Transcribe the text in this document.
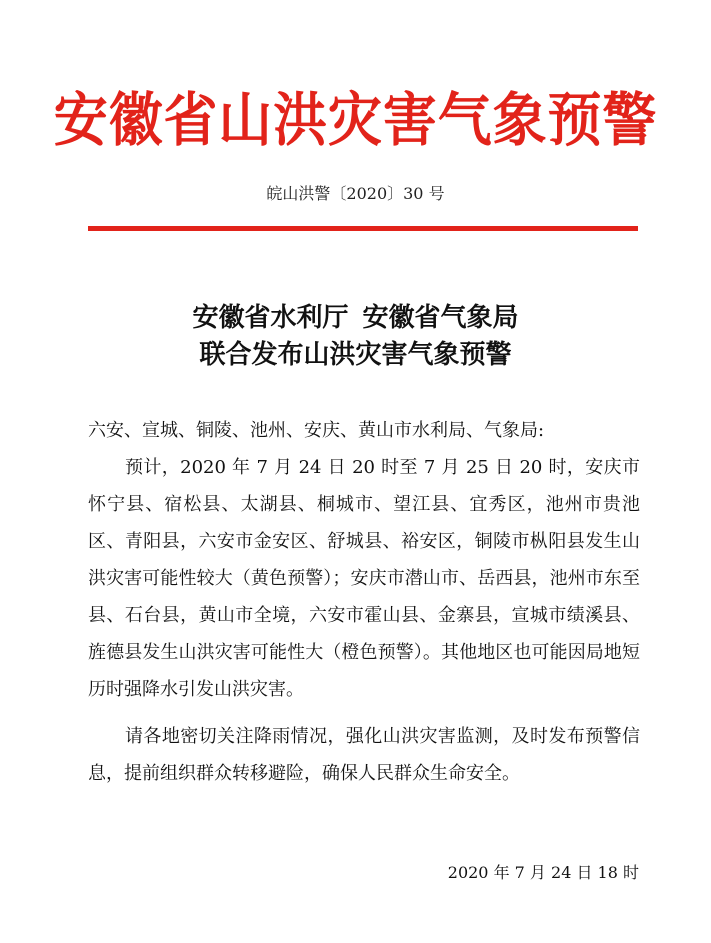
安徽省山洪灾害气象预警
皖山洪警〔2020〕30 号
安徽省水利厅 安徽省气象局
联合发布山洪灾害气象预警
六安、宣城、铜陵、池州、安庆、黄山市水利局、气象局:
预计，2020 年 7 月 24 日 20 时至 7 月 25 日 20 时，安庆市怀宁县、宿松县、太湖县、桐城市、望江县、宜秀区，池州市贵池区、青阳县，六安市金安区、舒城县、裕安区，铜陵市枞阳县发生山洪灾害可能性较大（黄色预警）；安庆市潜山市、岳西县，池州市东至县、石台县，黄山市全境，六安市霍山县、金寨县，宣城市绩溪县、旌德县发生山洪灾害可能性大（橙色预警）。其他地区也可能因局地短历时强降水引发山洪灾害。
请各地密切关注降雨情况，强化山洪灾害监测，及时发布预警信息，提前组织群众转移避险，确保人民群众生命安全。
2020 年 7 月 24 日 18 时
